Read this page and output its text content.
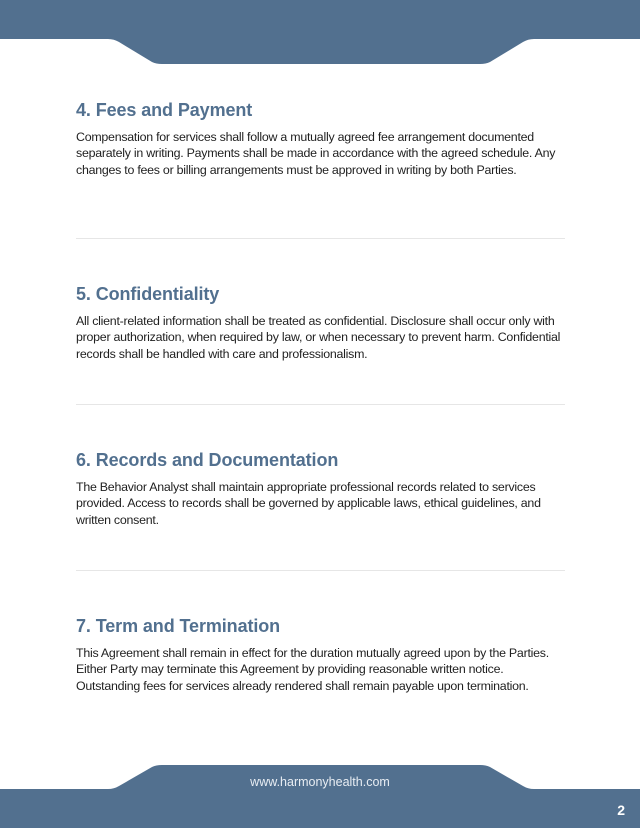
4. Fees and Payment

Compensation for services shall follow a mutually agreed fee arrangement documented separately in writing. Payments shall be made in accordance with the agreed schedule. Any changes to fees or billing arrangements must be approved in writing by both Parties.

5. Confidentiality

All client-related information shall be treated as confidential. Disclosure shall occur only with proper authorization, when required by law, or when necessary to prevent harm. Confidential records shall be handled with care and professionalism.

6. Records and Documentation

The Behavior Analyst shall maintain appropriate professional records related to services provided. Access to records shall be governed by applicable laws, ethical guidelines, and written consent.

7. Term and Termination

This Agreement shall remain in effect for the duration mutually agreed upon by the Parties. Either Party may terminate this Agreement by providing reasonable written notice. Outstanding fees for services already rendered shall remain payable upon termination.

www.harmonyhealth.com
2
